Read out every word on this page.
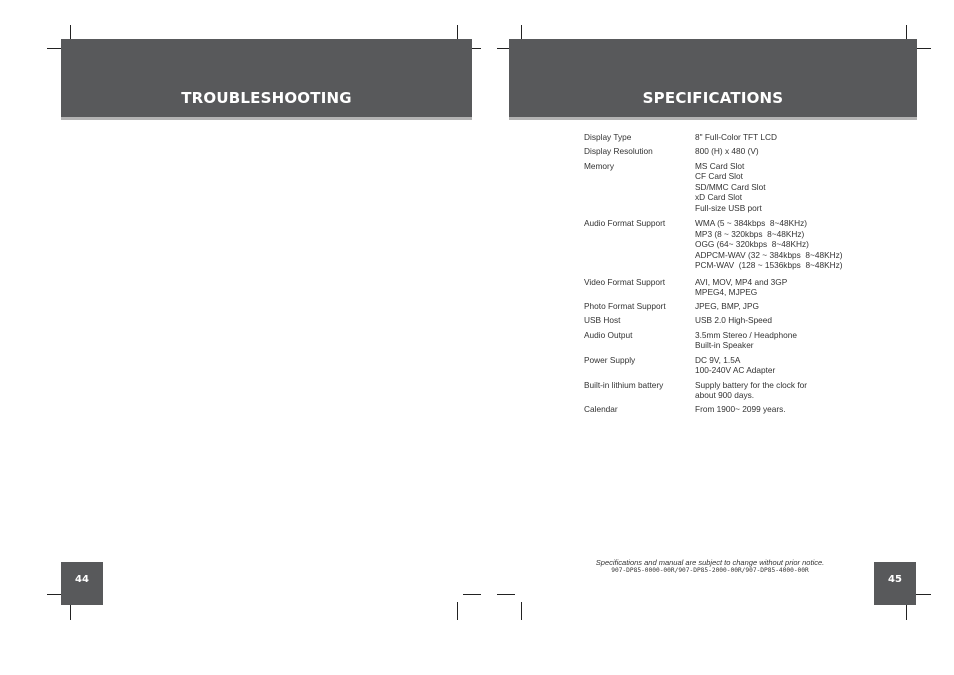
TROUBLESHOOTING
44
SPECIFICATIONS
Display Type	8" Full-Color TFT LCD
Display Resolution	800 (H) x 480 (V)
Memory	MS Card Slot
CF Card Slot
SD/MMC Card Slot
xD Card Slot
Full-size USB port
Audio Format Support	WMA (5 ~ 384kbps  8~48KHz)
MP3 (8 ~ 320kbps  8~48KHz)
OGG (64~ 320kbps  8~48KHz)
ADPCM-WAV (32 ~ 384kbps  8~48KHz)
PCM-WAV  (128 ~ 1536kbps  8~48KHz)
Video Format Support	AVI, MOV, MP4 and 3GP
MPEG4, MJPEG
Photo Format Support	JPEG, BMP, JPG
USB Host	USB 2.0 High-Speed
Audio Output	3.5mm Stereo / Headphone
Built-in Speaker
Power Supply	DC 9V, 1.5A
100-240V AC Adapter
Built-in lithium battery	Supply battery for the clock for
about 900 days.
Calendar	From 1900~ 2099 years.
Specifications and manual are subject to change without prior notice.
907-DP85-0000-00R/907-DP85-2000-00R/907-DP85-4000-00R
45
